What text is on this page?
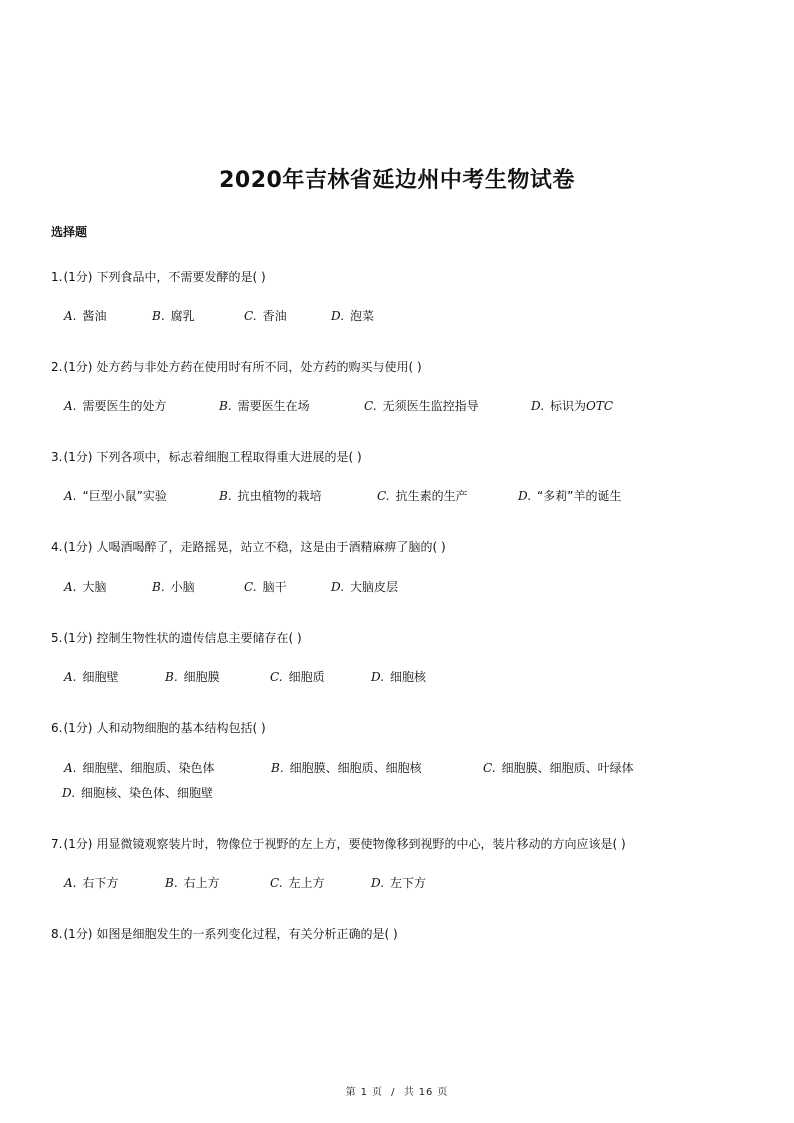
2020年吉林省延边州中考生物试卷
选择题
1.(1分) 下列食品中，不需要发酵的是( )
A. 酱油	B. 腐乳	C. 香油	D. 泡菜
2.(1分) 处方药与非处方药在使用时有所不同，处方药的购买与使用( )
A. 需要医生的处方	B. 需要医生在场	C. 无须医生监控指导	D. 标识为OTC
3.(1分) 下列各项中，标志着细胞工程取得重大进展的是( )
A. “巨型小鼠”实验	B. 抗虫植物的栽培	C. 抗生素的生产	D. “多莉”羊的诞生
4.(1分) 人喝酒喝醉了，走路摇晃，站立不稳，这是由于酒精麻痹了脑的( )
A. 大脑	B. 小脑	C. 脑干	D. 大脑皮层
5.(1分) 控制生物性状的遗传信息主要储存在( )
A. 细胞壁	B. 细胞膜	C. 细胞质	D. 细胞核
6.(1分) 人和动物细胞的基本结构包括( )
A. 细胞壁、细胞质、染色体	B. 细胞膜、细胞质、细胞核	C. 细胞膜、细胞质、叶绿体
D. 细胞核、染色体、细胞壁
7.(1分) 用显微镜观察装片时，物像位于视野的左上方，要使物像移到视野的中心，装片移动的方向应该是( )
A. 右下方	B. 右上方	C. 左上方	D. 左下方
8.(1分) 如图是细胞发生的一系列变化过程，有关分析正确的是( )
第 1 页 / 共 16 页
